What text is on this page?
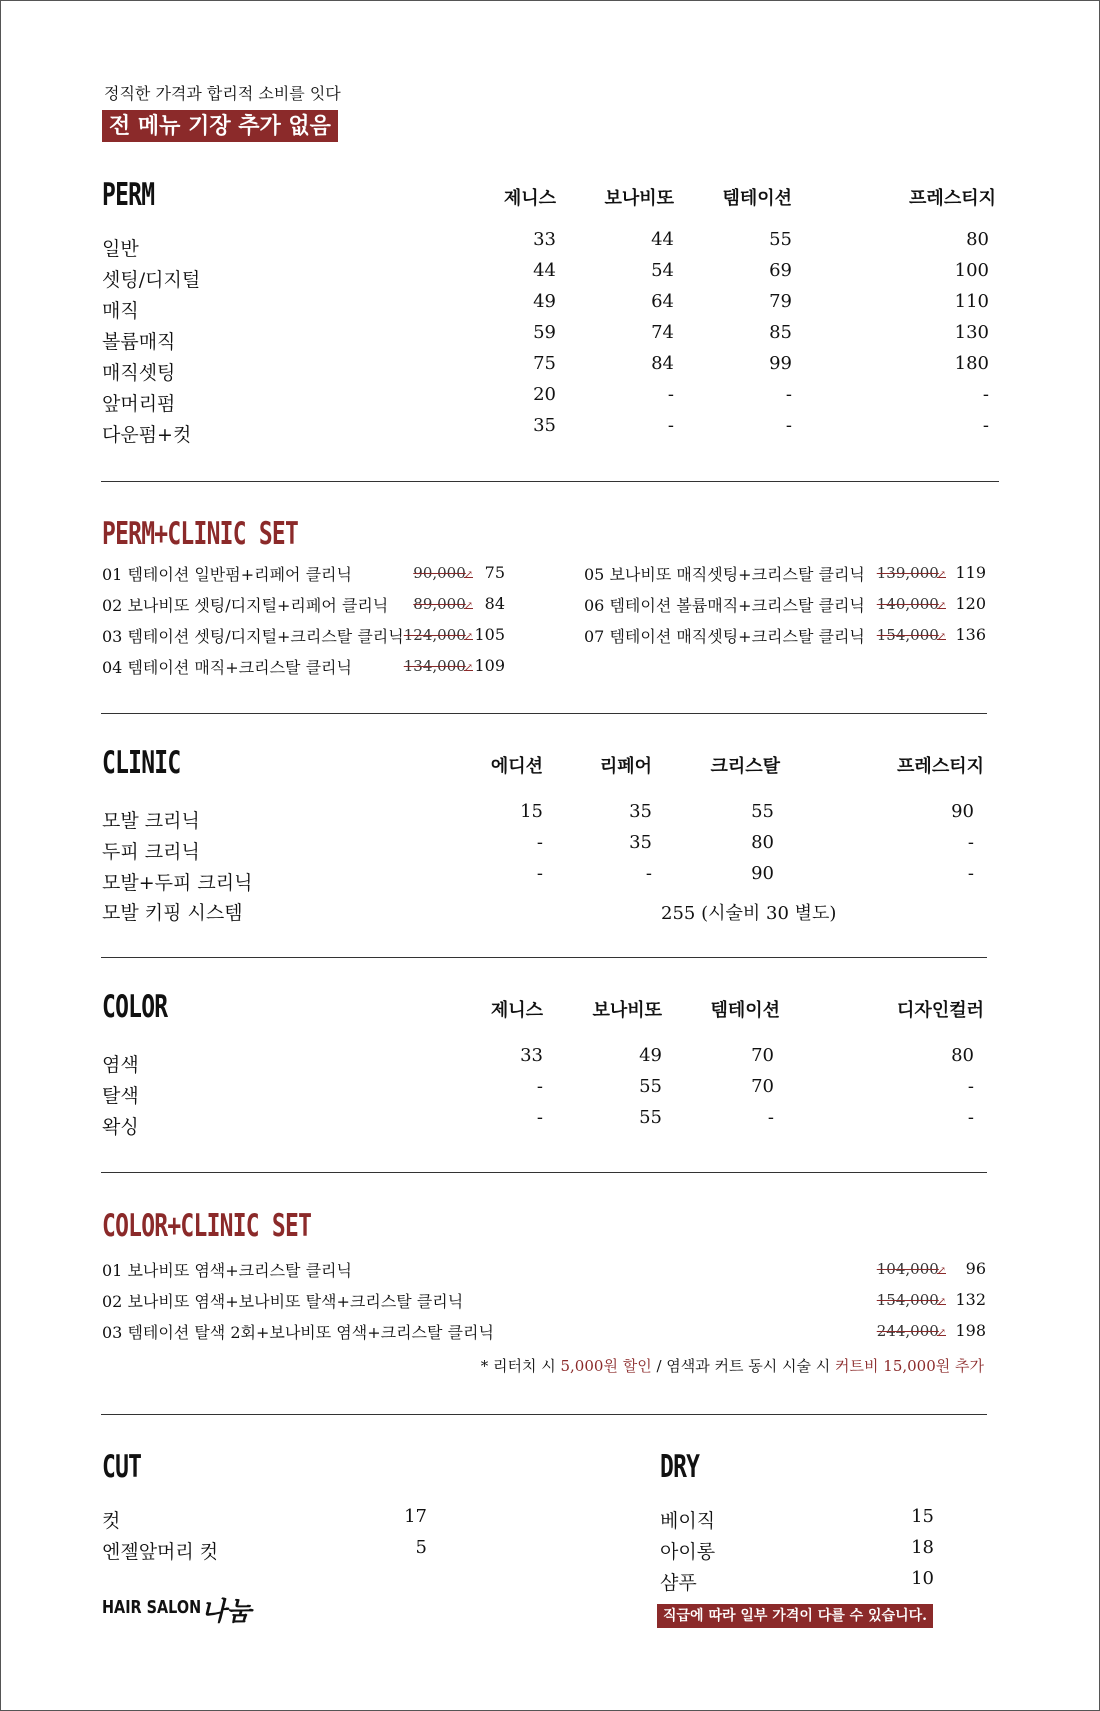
정직한 가격과 합리적 소비를 잇다
전 메뉴 기장 추가 없음
PERM	제니스	보나비또	템테이션	프레스티지
일반	33	44	55	80
셋팅/디지털	44	54	69	100
매직	49	64	79	110
볼륨매직	59	74	85	130
매직셋팅	75	84	99	180
앞머리펌	20	-	-	-
다운펌+컷	35	-	-	-
PERM+CLINIC SET
01 템테이션 일반펌+리페어 클리닉	90,000 ↗	75
02 보나비또 셋팅/디지털+리페어 클리닉 89,000 ↗	84
03 템테이션 셋팅/디지털+크리스탈 클리닉 124,000 ↗ 105
04 템테이션 매직+크리스탈 클리닉	134,000 ↗ 109
05 보나비또 매직셋팅+크리스탈 클리닉 139,000 ↗	119
06 템테이션 볼륨매직+크리스탈 클리닉 140,000 ↗	120
07 템테이션 매직셋팅+크리스탈 클리닉 154,000 ↗	136
CLINIC	에디션	리페어	크리스탈	프레스티지
모발 크리닉	15	35	55	90
두피 크리닉	-	35	80	-
모발+두피 크리닉	-	-	90	-
모발 키핑 시스템	255 (시술비 30 별도)
COLOR	제니스	보나비또	템테이션	디자인컬러
염색	33	49	70	80
탈색	-	55	70	-
왁싱	-	55	-	-
COLOR+CLINIC SET
01 보나비또 염색+크리스탈 클리닉	104,000 ↗	96
02 보나비또 염색+보나비또 탈색+크리스탈 클리닉	154,000 ↗	132
03 템테이션 탈색 2회+보나비또 염색+크리스탈 클리닉	244,000 ↗	198
* 리터치 시 5,000원 할인 / 염색과 커트 동시 시술 시 커트비 15,000원 추가
CUT
컷	17
엔젤앞머리 컷	5
DRY
베이직	15
아이롱	18
샴푸	10
직급에 따라 일부 가격이 다를 수 있습니다.
HAIR SALON 나눔
